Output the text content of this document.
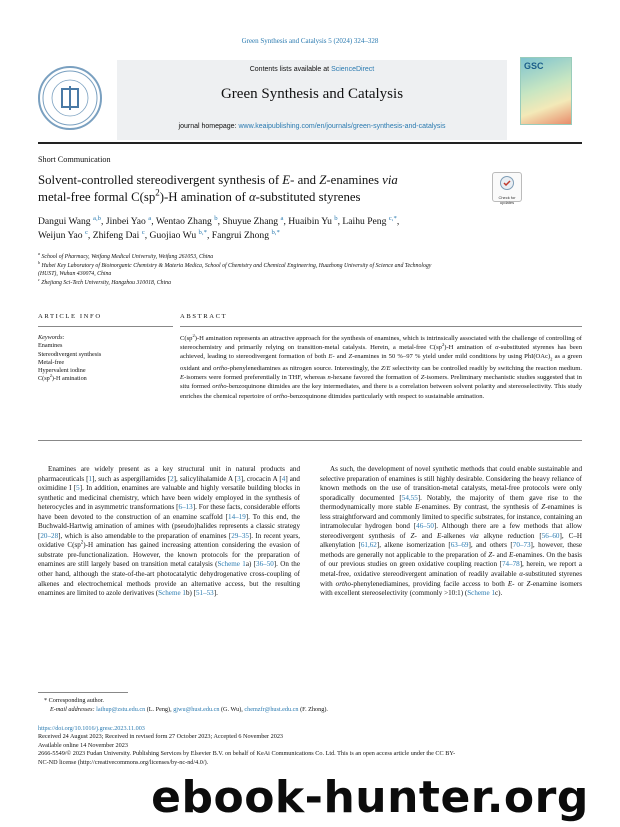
Green Synthesis and Catalysis 5 (2024) 324–328
Contents lists available at ScienceDirect
Green Synthesis and Catalysis
journal homepage: www.keaipublishing.com/en/journals/green-synthesis-and-catalysis
GSC
Short Communication
Solvent-controlled stereodivergent synthesis of E- and Z-enamines via
metal-free formal $C(sp^2)-H$ amination of α-substituted styrenes	Check for updates
Dangui Wang $^{a,b}$, Jinbei Yao $^a$, Wentao Zhang $^b$, Shuyue Zhang $^a$, Huaibin Yu $^b$, Laihu Peng $^{c,*}$,
Weijun Yao $^c$, Zhifeng Dai $^c$, Guojiao Wu $^{b,*}$, Fangrui Zhong $^{b,*}$
$^a$ School of Pharmacy, Weifang Medical University, Weifang 261053, China
$^b$ Hubei Key Laboratory of Bioinorganic Chemistry & Materia Medica, School of Chemistry and Chemical Engineering, Huazhong University of Science and Technology
(HUST), Wuhan 430074, China
$^c$ Zhejiang Sci-Tech University, Hangzhou 310018, China
ARTICLE INFO
Keywords:
Enamines
Stereodivergent synthesis
Metal-free
Hypervalent iodine
$C(sp^2)-H$ amination
ABSTRACT
$C(sp^2)-H$ amination represents an attractive approach for the synthesis of enamines, which is intrinsically associated with the challenge of controlling of stereochemistry and primarily relying on transition-metal catalysis. Herein, a metal-free $C(sp^2)-H$ amination of α-substituted styrenes has been achieved, leading to stereodivergent formation of both E- and Z-enamines in 50 %–97 % yield under mild conditions by using $PhI(OAc)_2$ as a green oxidant and ortho-phenylenediamines as nitrogen source. Interestingly, the Z/E selectivity can be controlled readily by switching the reaction medium. E-isomers were formed preferentially in THF, whereas n-hexane favored the formation of Z-isomers. Preliminary mechanistic studies suggested that in situ formed ortho-benzoquinone diimides are the key intermediates, and there is a correlation between solvent polarity and stereoselectivity. This study enriches the chemical repertoire of ortho-benzoquinone diimides particularly with respect to sustainable amination.

Enamines are widely present as a key structural unit in natural products and pharmaceuticals [1], such as aspergillamides [2], salicylihalamide A [3], crocacin A [4] and oximidine I [5]. In addition, enamines are valuable and highly versatile building blocks in synthetic and medicinal chemistry, which have been widely employed in the synthesis of heterocycles and in asymmetric transformations [6–13]. For these facts, considerable efforts have been devoted to the construction of an enamine scaffold [14–19]. To this end, the Buchwald-Hartwig amination of amines with (pseudo)halides represents a classic strategy [20–28], which is also amendable to the preparation of enamines [29–35]. In recent years, oxidative $C(sp^2)-H$ amination has gained increasing attention considering the evasion of substrate pre-functionalization. However, the known protocols for the preparation of enamines are still largely based on transition metal catalysis (Scheme 1a) [36–50]. On the other hand, although the state-of-the-art photocatalytic dehydrogenative cross-coupling of alkenes and electrochemical methods provide an alternative access, but the resulting enamines are limited to azole derivatives (Scheme 1b) [51–53].

As such, the development of novel synthetic methods that could enable sustainable and selective preparation of enamines is still highly desirable. Considering the heavy reliance of known methods on the use of transition-metal catalysts, metal-free protocols were only sporadically documented [54,55]. Notably, the majority of them gave rise to the thermodynamically more stable E-enamines. By contrast, the synthesis of Z-enamines is less straightforward and commonly limited to specific substrates, for instance, containing an intramolecular hydrogen bond [46–50]. Although there are a few methods that allow stereodivergent synthesis of Z- and E-alkenes via alkyne reduction [56–60], C–H alkenylation [61,62], alkene isomerization [63–69], and others [70–73], however, these methods are generally not applicable to the preparation of Z- and E-enamines. On the basis of our previous studies on green oxidative coupling reaction [74–78], herein, we report a metal-free, oxidative stereodivergent amination of readily available α-substituted styrenes with ortho-phenylenediamines, providing facile access to both E- or Z-enamine isomers with excellent stereoselectivity (commonly >10:1) (Scheme 1c).

* Corresponding author.
E-mail addresses: laihup@zstu.edu.cn (L. Peng), gjwu@hust.edu.cn (G. Wu), chemzfr@hust.edu.cn (F. Zhong).
https://doi.org/10.1016/j.gresc.2023.11.003
Received 24 August 2023; Received in revised form 27 October 2023; Accepted 6 November 2023
Available online 14 November 2023
2666-5549/© 2023 Fudan University. Publishing Services by Elsevier B.V. on behalf of KeAi Communications Co. Ltd. This is an open access article under the CC BY-
NC-ND license (http://creativecommons.org/licenses/by-nc-nd/4.0/).
ebook-hunter.org
